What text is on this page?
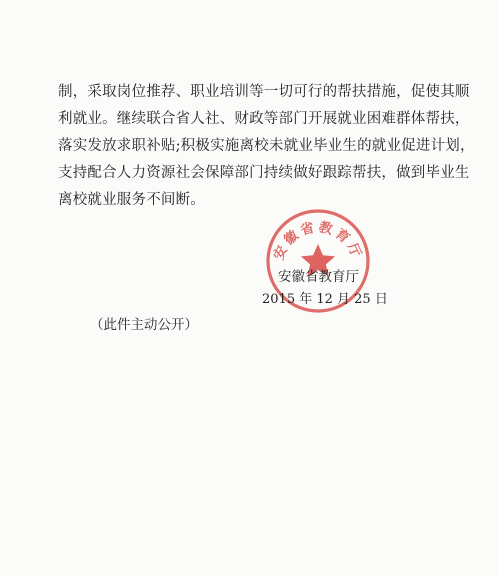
制，采取岗位推荐、职业培训等一切可行的帮扶措施，促使其顺
利就业。继续联合省人社、财政等部门开展就业困难群体帮扶，
落实发放求职补贴;积极实施离校未就业毕业生的就业促进计划，
支持配合人力资源社会保障部门持续做好跟踪帮扶，做到毕业生
离校就业服务不间断。
安徽省教育厅
安徽省教育厅
2015 年 12 月 25 日
（此件主动公开）
